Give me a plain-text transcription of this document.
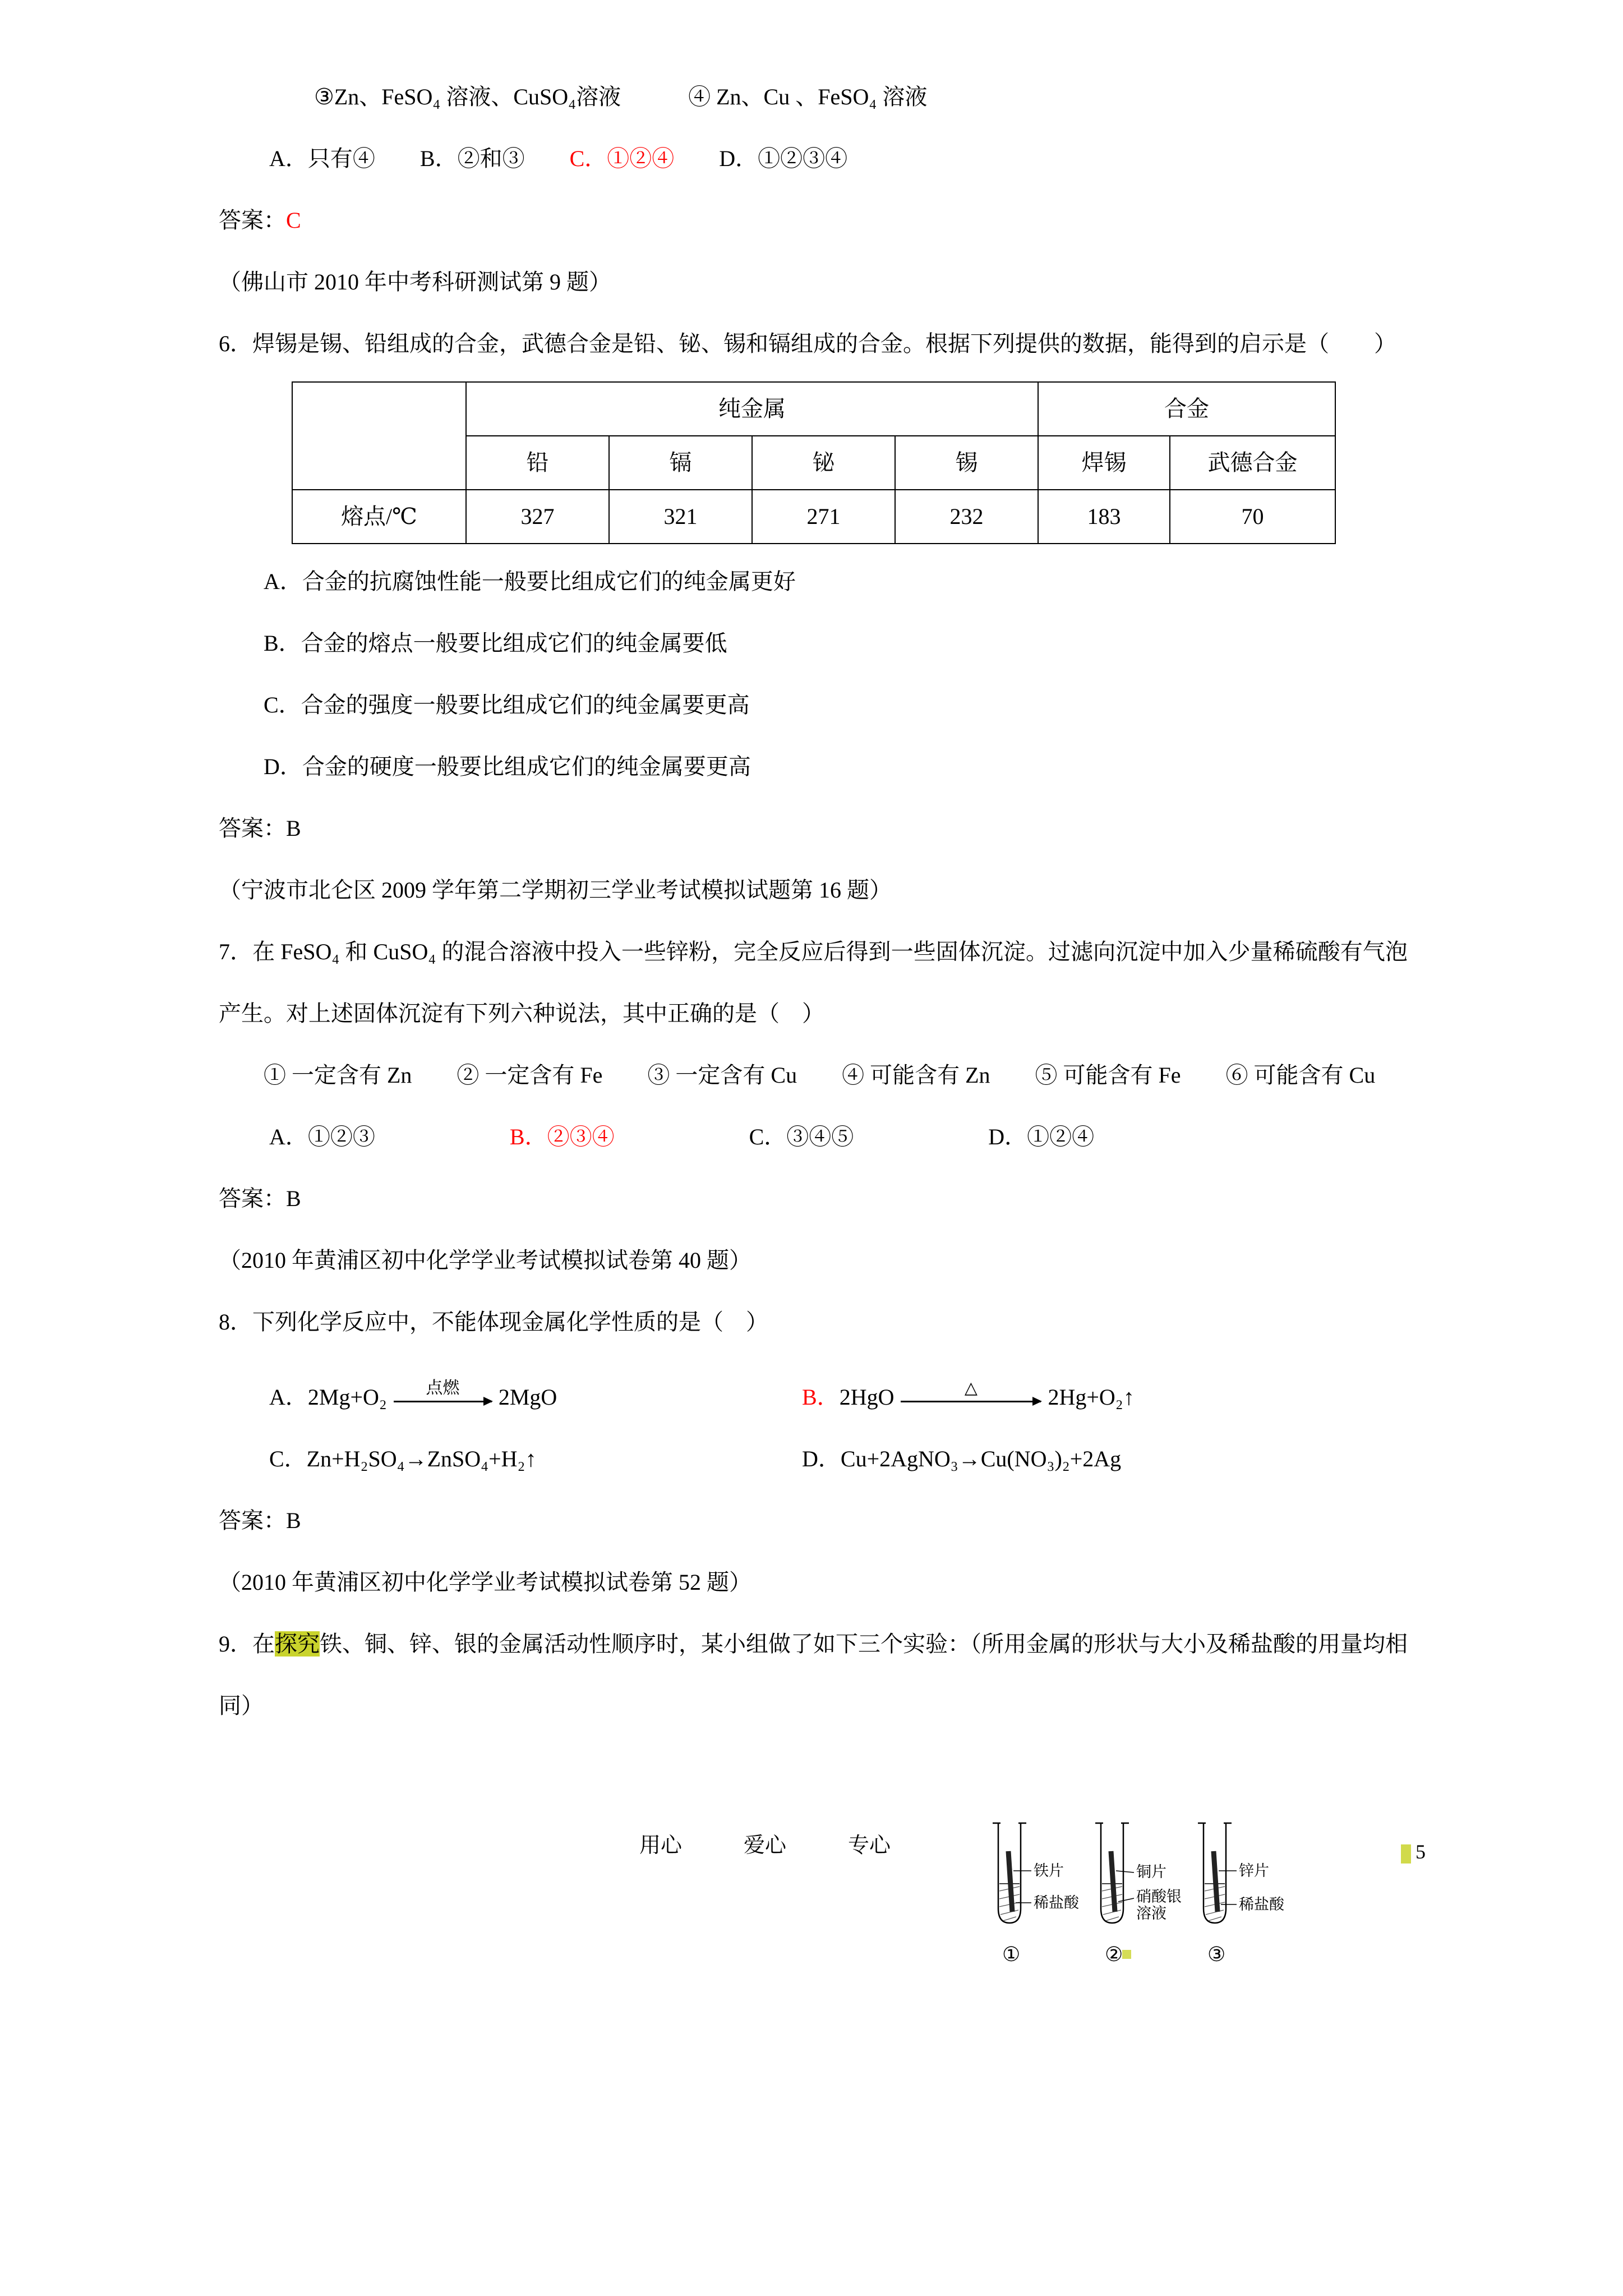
③Zn、FeSO₄ 溶液、CuSO₄溶液　　　④ Zn、Cu 、FeSO₄ 溶液

A．只有④ B．②和③ C．①②④ D．①②③④

答案：C

（佛山市 2010 年中考科研测试第 9 题）

6．焊锡是锡、铅组成的合金，武德合金是铅、铋、锡和镉组成的合金。根据下列提供的数据，能得到的启示是（　　）

	纯金属				合金	
	铅	镉	铋	锡	焊锡	武德合金
熔点/℃	327	321	271	232	183	70

A．合金的抗腐蚀性能一般要比组成它们的纯金属更好

B．合金的熔点一般要比组成它们的纯金属要低

C．合金的强度一般要比组成它们的纯金属要更高

D．合金的硬度一般要比组成它们的纯金属要更高

答案：B

（宁波市北仑区 2009 学年第二学期初三学业考试模拟试题第 16 题）

7．在 FeSO₄ 和 CuSO₄ 的混合溶液中投入一些锌粉，完全反应后得到一些固体沉淀。过滤向沉淀中加入少量稀硫酸有气泡产生。对上述固体沉淀有下列六种说法，其中正确的是（　）

① 一定含有 Zn　　② 一定含有 Fe　　③ 一定含有 Cu　　④ 可能含有 Zn　　⑤ 可能含有 Fe　　⑥ 可能含有 Cu

A．①②③	B．②③④	C．③④⑤	D．①②④

答案：B

（2010 年黄浦区初中化学学业考试模拟试卷第 40 题）

8．下列化学反应中，不能体现金属化学性质的是（　）

A．2Mg+O₂	点燃	2MgO	B．2HgO	△	2Hg+O₂↑
C．Zn+H₂SO₄→ZnSO₄+H₂↑	D．Cu+2AgNO₃→Cu(NO₃)₂+2Ag

答案：B

（2010 年黄浦区初中化学学业考试模拟试卷第 52 题）

9．在探究铁、铜、锌、银的金属活动性顺序时，某小组做了如下三个实验：（所用金属的形状与大小及稀盐酸的用量均相同）

铁片
稀盐酸
①
铜片
硝酸银
溶液
②
锌片
稀盐酸
③
用心	爱心	专心	5
